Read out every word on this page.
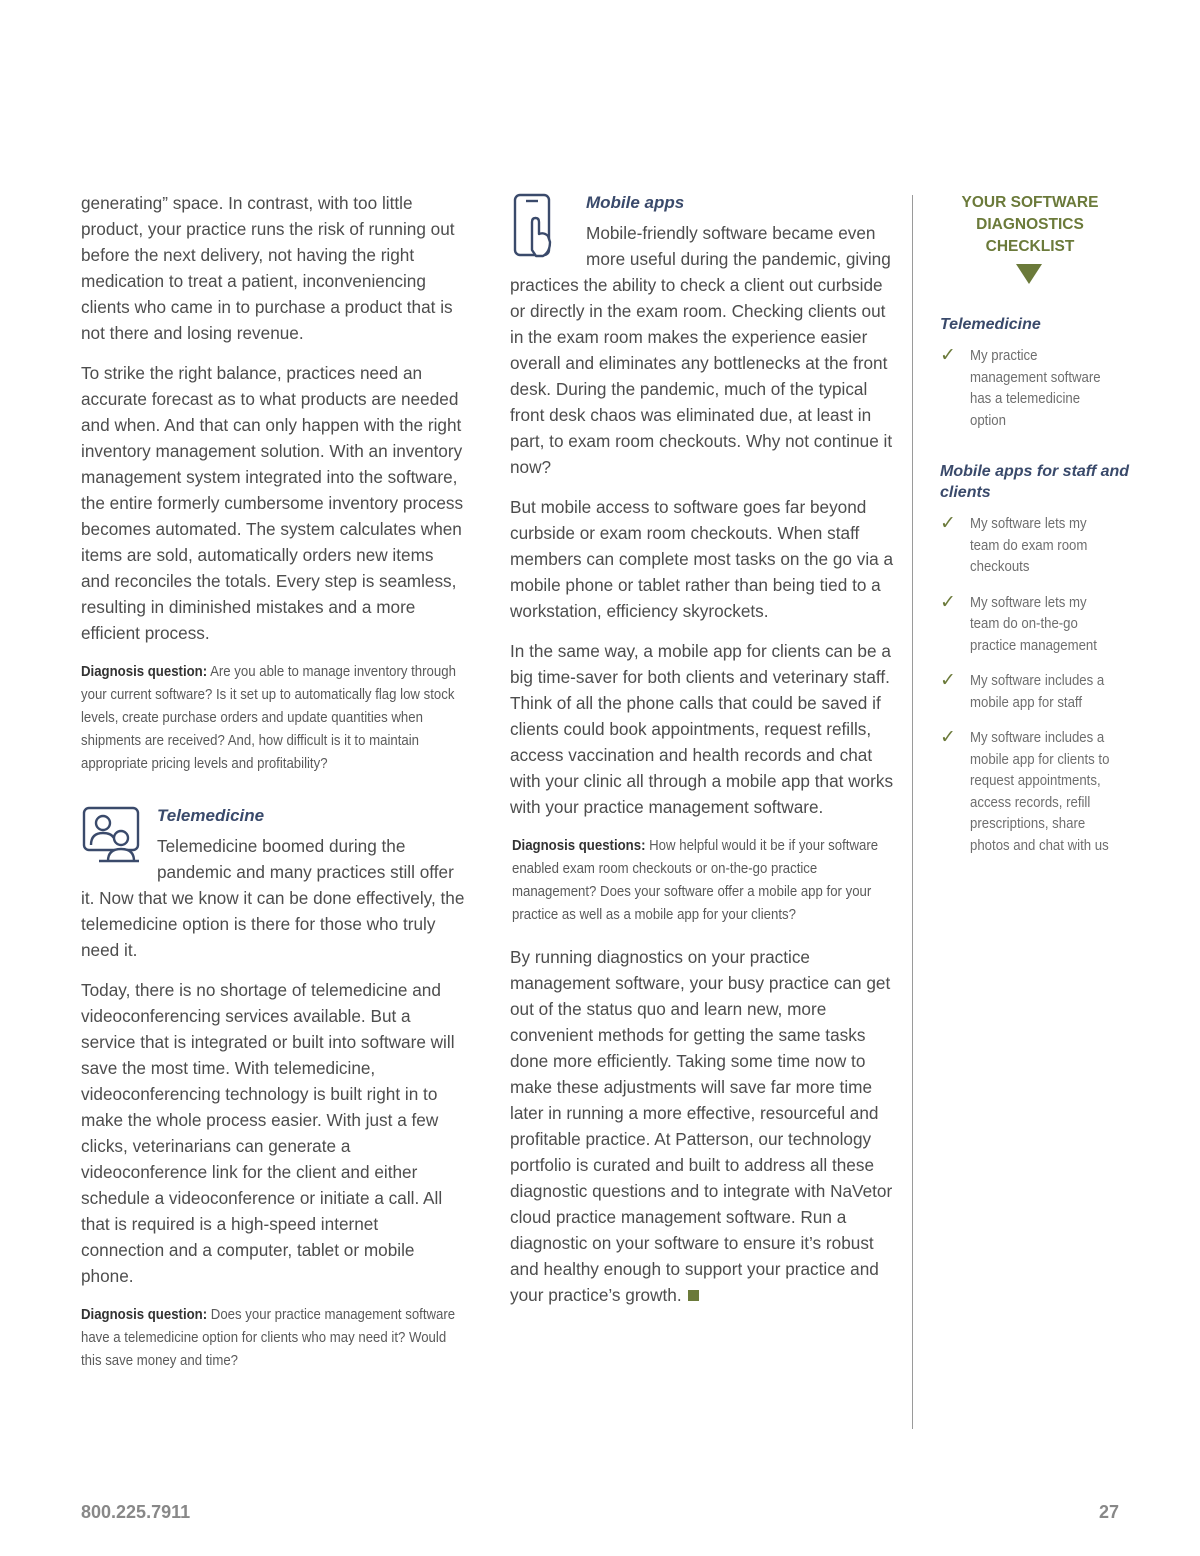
generating” space. In contrast, with too little product, your practice runs the risk of running out before the next delivery, not having the right medication to treat a patient, inconveniencing clients who came in to purchase a product that is not there and losing revenue.

To strike the right balance, practices need an accurate forecast as to what products are needed and when. And that can only happen with the right inventory management solution. With an inventory management system integrated into the software, the entire formerly cumbersome inventory process becomes automated. The system calculates when items are sold, automatically orders new items and reconciles the totals. Every step is seamless, resulting in diminished mistakes and a more efficient process.

Diagnosis question: Are you able to manage inventory through your current software? Is it set up to automatically flag low stock levels, create purchase orders and update quantities when shipments are received? And, how difficult is it to maintain appropriate pricing levels and profitability?

Telemedicine

Telemedicine boomed during the pandemic and many practices still offer it. Now that we know it can be done effectively, the telemedicine option is there for those who truly need it.

Today, there is no shortage of telemedicine and videoconferencing services available. But a service that is integrated or built into software will save the most time. With telemedicine, videoconferencing technology is built right in to make the whole process easier. With just a few clicks, veterinarians can generate a videoconference link for the client and either schedule a videoconference or initiate a call. All that is required is a high-speed internet connection and a computer, tablet or mobile phone.

Diagnosis question: Does your practice management software have a telemedicine option for clients who may need it? Would this save money and time?

Mobile apps

Mobile-friendly software became even more useful during the pandemic, giving practices the ability to check a client out curbside or directly in the exam room. Checking clients out in the exam room makes the experience easier overall and eliminates any bottlenecks at the front desk. During the pandemic, much of the typical front desk chaos was eliminated due, at least in part, to exam room checkouts. Why not continue it now?

But mobile access to software goes far beyond curbside or exam room checkouts. When staff members can complete most tasks on the go via a mobile phone or tablet rather than being tied to a workstation, efficiency skyrockets.

In the same way, a mobile app for clients can be a big time-saver for both clients and veterinary staff. Think of all the phone calls that could be saved if clients could book appointments, request refills, access vaccination and health records and chat with your clinic all through a mobile app that works with your practice management software.

Diagnosis questions: How helpful would it be if your software enabled exam room checkouts or on-the-go practice management? Does your software offer a mobile app for your practice as well as a mobile app for your clients?

By running diagnostics on your practice management software, your busy practice can get out of the status quo and learn new, more convenient methods for getting the same tasks done more efficiently. Taking some time now to make these adjustments will save far more time later in running a more effective, resourceful and profitable practice. At Patterson, our technology portfolio is curated and built to address all these diagnostic questions and to integrate with NaVetor cloud practice management software. Run a diagnostic on your software to ensure it’s robust and healthy enough to support your practice and your practice’s growth.

YOUR SOFTWARE
DIAGNOSTICS
CHECKLIST

Telemedicine

✓ My practice management software has a telemedicine option

Mobile apps for staff and clients

✓ My software lets my team do exam room checkouts
✓ My software lets my team do on-the-go practice management
✓ My software includes a mobile app for staff
✓ My software includes a mobile app for clients to request appointments, access records, refill prescriptions, share photos and chat with us
800.225.7911	27
